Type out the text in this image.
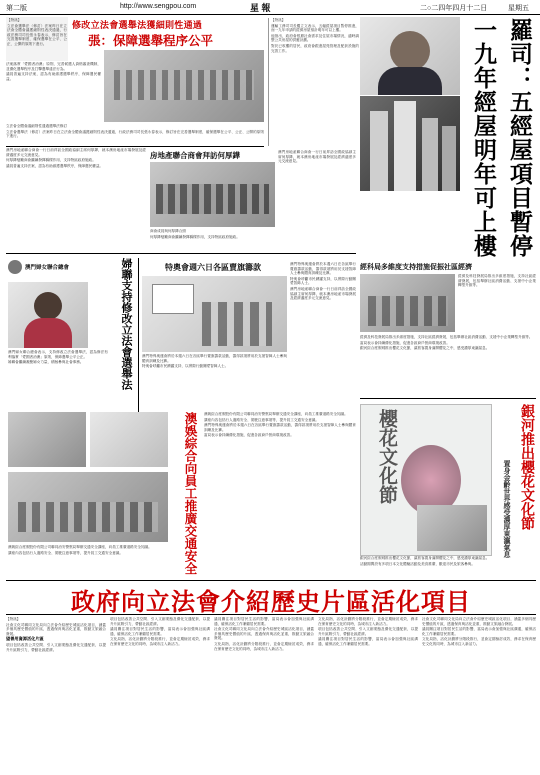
第二版	http://www.sengpou.com	星 報	二○二四年四月十二日	星期五

【特訊】

立法會選舉法（修訂）法案昨日在立法會全體會議獲細則性表決通過，行政法務司司長張永春表示，修訂旨在完善選舉制度，確保選舉在公平、公正、公開的原則下進行。

修改立法會選舉法獲細則性通過
張：保障選舉程序公平

法案落實「愛國者治澳」原則，完善候選人資格審查機制，並優化選舉程序及打擊選舉違法行為。

議員普遍支持法案，認為有助維護選舉秩序，保障選民權益。

立法會全體會議細則性通過選舉法修訂

立法會選舉法（修訂）法案昨日在立法會全體會議獲細則性表決通過，行政法務司司長張永春表示，修訂旨在完善選舉制度，確保選舉在公平、公正、公開的原則下進行。

【特訊】

運輸工務司司長羅立文表示，五幅經屋項目暫停推進，而一九年申請的經濟房屋預計明年可以上樓。

他指出，政府會根據社會需求及住屋市場情況，適時調整公共房屋的供應計劃。

對於已收樓的居民，政府會跟進屋苑管理及配套設施的完善工作。	羅司：五經屋項目暫停一九年經屋明年可上樓
房地產聯合商會拜訪何厚鏵

澳門房地產聯合商會一行日前拜訪全國政協副主席何厚鏵，就本澳房地產市場發展及經濟適度多元交流意見。

何厚鏵勉勵商會繼續發揮橋樑作用，支持特區政府施政。

議員普遍支持法案，認為有助維護選舉秩序，保障選民權益。

商會成員與何厚鏵合照

何厚鏵勉勵商會繼續發揮橋樑作用，支持特區政府施政。

澳門房地產聯合商會一行日前拜訪全國政協副主席何厚鏵，就本澳房地產市場發展及經濟適度多元交流意見。

澳門婦女聯合總會	婦聯支持修改立法會選舉法

澳門婦女聯合總會表示，支持修改立法會選舉法，認為修法有利落實「愛國者治澳」原則，保障選舉公平公正。

婦聯會繼續凝聚婦女力量，積極參與社會事務。

特奧會週六日各區賣旗籌款

澳門特殊奧運會將於本週六日在各區舉行賣旗籌款活動，籌得款項將用於支援智障人士參與體育訓練及比賽。

特奧會呼籲市民踴躍支持，以實際行動關愛智障人士。

澳門特殊奧運會將於本週六日在各區舉行賣旗籌款活動，籌得款項將用於支援智障人士參與體育訓練及比賽。

特奧會呼籲市民踴躍支持，以實際行動關愛智障人士。

澳門房地產聯合商會一行日前拜訪全國政協副主席何厚鏵，就本澳房地產市場發展及經濟適度多元交流意見。

經科局多維度支持措施促振社區經濟

經濟及科技發展局推出多維度措施，支持社區經濟發展，包括舉辦社區消費活動、支援中小企業轉型升級等。

經濟及科技發展局推出多維度措施，支持社區經濟發展，包括舉辦社區消費活動、支援中小企業轉型升級等。

當局表示會持續優化措施，促進各區商戶營商環境改善。

銀河綜合度假城推出櫻花文化節，讓旅客置身滿開櫻花之中，感受濃厚東瀛氣息。

澳娛綜合度假股份有限公司聯同治安警察局舉辦交通安全講座，向員工推廣道路安全知識。

講座內容包括行人過路安全、駕駛注意事項等，提升員工交通安全意識。	澳娛綜合向員工推廣交通安全 澳娛綜合度假股份有限公司聯同治安警察局舉辦交通安全講座，向員工推廣道路安全知識。

講座內容包括行人過路安全、駕駛注意事項等，提升員工交通安全意識。

澳門特殊奧運會將於本週六日在各區舉行賣旗籌款活動，籌得款項將用於支援智障人士參與體育訓練及比賽。

當局表示會持續優化措施，促進各區商戶營商環境改善。	櫻花文化節	銀河推出櫻花文化節
置身金齡世界感受濃厚東瀛氣息

銀河綜合度假城推出櫻花文化節，讓旅客置身滿開櫻花之中，感受濃厚東瀛氣息。

活動期間設有多項日本文化體驗活動及美食推廣，歡迎市民及旅客參與。

政府向立法會介紹歷史片區活化項目

【特訊】

社會文化司聯同文化局向立法會介紹歷史城區活化項目，涵蓋多個具歷史價值的片區，透過保育與活化並重，推動文旅融合發展。

望善用資源活化片區

項目包括改善公共空間、引入文創業態及優化交通配套，以提升片區吸引力，帶動社區經濟。

項目包括改善公共空間、引入文創業態及優化交通配套，以提升片區吸引力，帶動社區經濟。

議員關注項目對居民生活的影響，當局表示會加強與社區溝通，確保活化工作兼顧居民需要。

文化局指，活化計劃將分階段推行，並會定期檢討成效，務求在保育歷史文化的同時，為城市注入新活力。

議員關注項目對居民生活的影響，當局表示會加強與社區溝通，確保活化工作兼顧居民需要。

社會文化司聯同文化局向立法會介紹歷史城區活化項目，涵蓋多個具歷史價值的片區，透過保育與活化並重，推動文旅融合發展。

文化局指，活化計劃將分階段推行，並會定期檢討成效，務求在保育歷史文化的同時，為城市注入新活力。

文化局指，活化計劃將分階段推行，並會定期檢討成效，務求在保育歷史文化的同時，為城市注入新活力。

項目包括改善公共空間、引入文創業態及優化交通配套，以提升片區吸引力，帶動社區經濟。

議員關注項目對居民生活的影響，當局表示會加強與社區溝通，確保活化工作兼顧居民需要。

社會文化司聯同文化局向立法會介紹歷史城區活化項目，涵蓋多個具歷史價值的片區，透過保育與活化並重，推動文旅融合發展。

議員關注項目對居民生活的影響，當局表示會加強與社區溝通，確保活化工作兼顧居民需要。

文化局指，活化計劃將分階段推行，並會定期檢討成效，務求在保育歷史文化的同時，為城市注入新活力。
